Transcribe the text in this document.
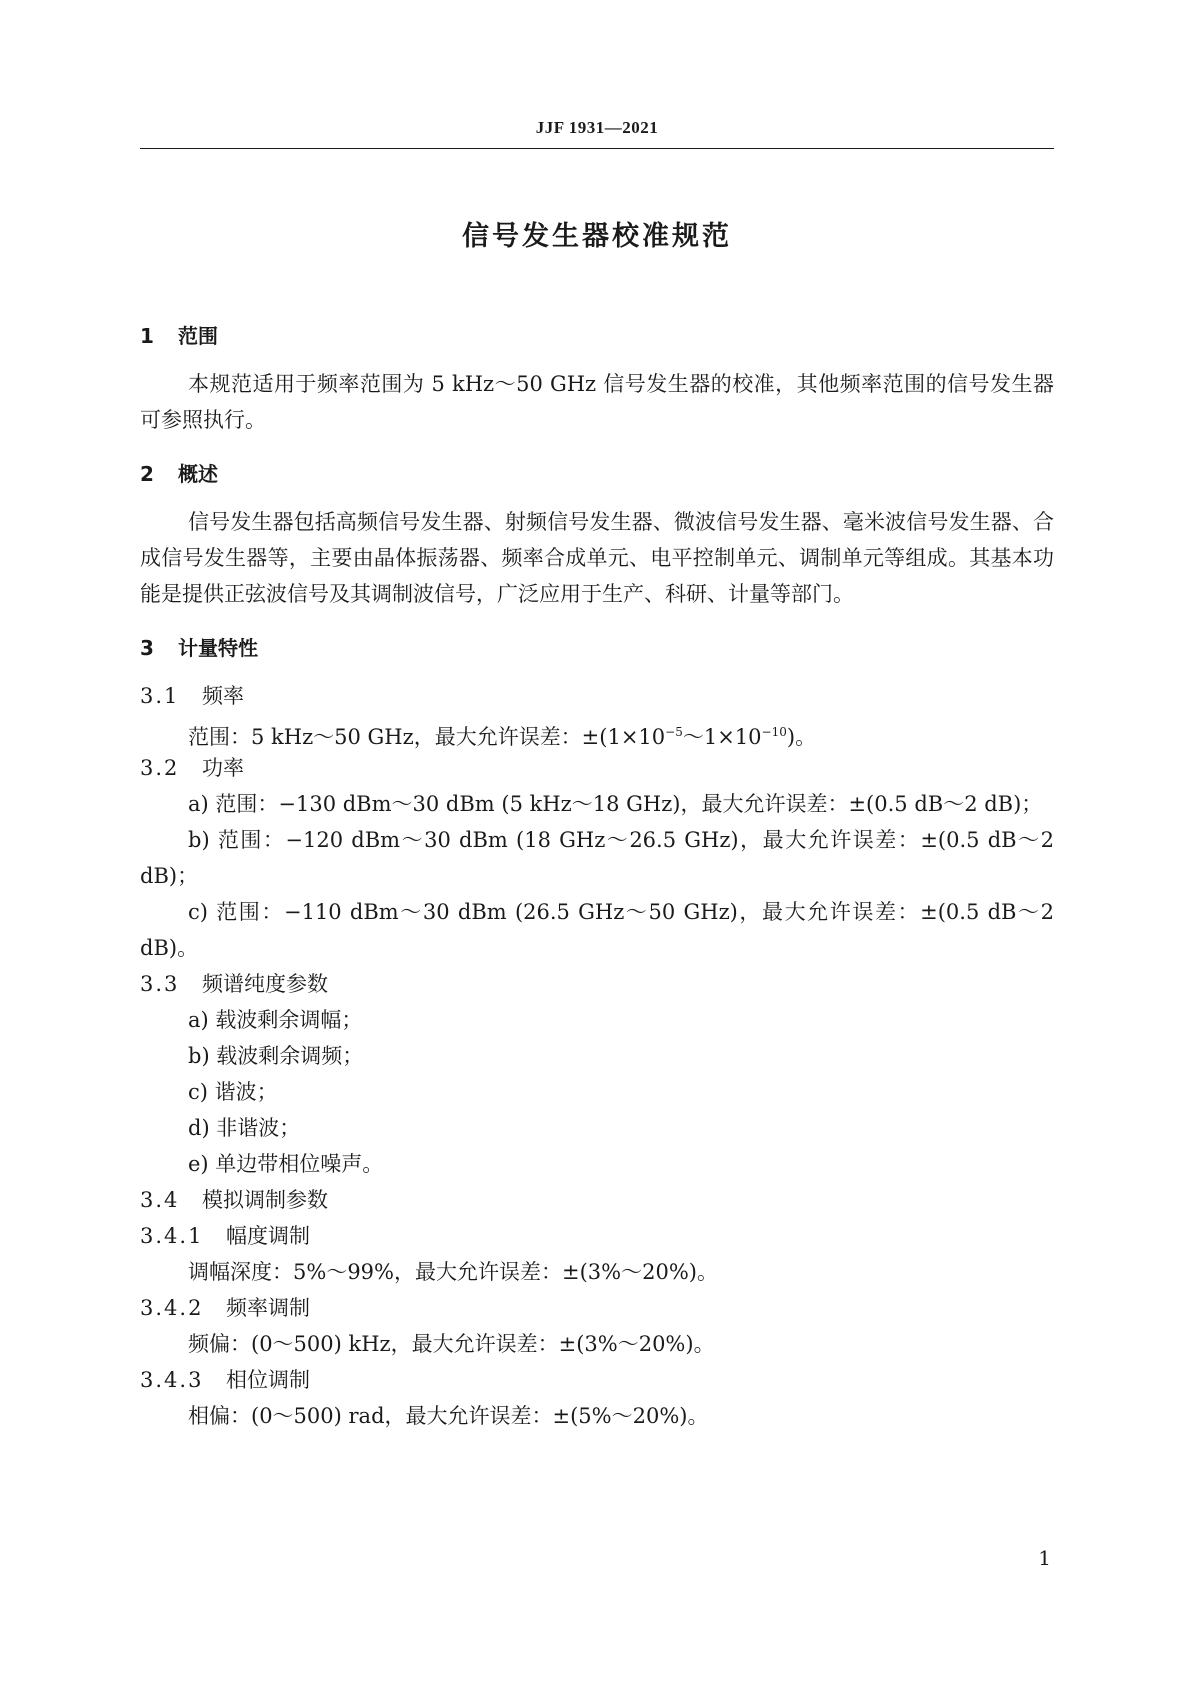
JJF 1931—2021
信号发生器校准规范
1 范围

本规范适用于频率范围为 5 kHz～50 GHz 信号发生器的校准，其他频率范围的信号发生器可参照执行。

2 概述

信号发生器包括高频信号发生器、射频信号发生器、微波信号发生器、毫米波信号发生器、合成信号发生器等，主要由晶体振荡器、频率合成单元、电平控制单元、调制单元等组成。其基本功能是提供正弦波信号及其调制波信号，广泛应用于生产、科研、计量等部门。

3 计量特性
3.1 频率
范围：5 kHz～50 GHz，最大允许误差：$\pm(1\times 10^{-5}\sim 1\times 10^{-10})$。
3.2 功率

a) 范围：−130 dBm～30 dBm (5 kHz～18 GHz)，最大允许误差：±(0.5 dB～2 dB)；

b) 范围：−120 dBm～30 dBm (18 GHz～26.5 GHz)，最大允许误差：±(0.5 dB～2 dB)；

c) 范围：−110 dBm～30 dBm (26.5 GHz～50 GHz)，最大允许误差：±(0.5 dB～2 dB)。

3.3 频谱纯度参数
a) 载波剩余调幅；
b) 载波剩余调频；
c) 谐波；
d) 非谐波；
e) 单边带相位噪声。
3.4 模拟调制参数
3.4.1 幅度调制
调幅深度：5%～99%，最大允许误差：±(3%～20%)。
3.4.2 频率调制
频偏：(0～500) kHz，最大允许误差：±(3%～20%)。
3.4.3 相位调制
相偏：(0～500) rad，最大允许误差：±(5%～20%)。
1
